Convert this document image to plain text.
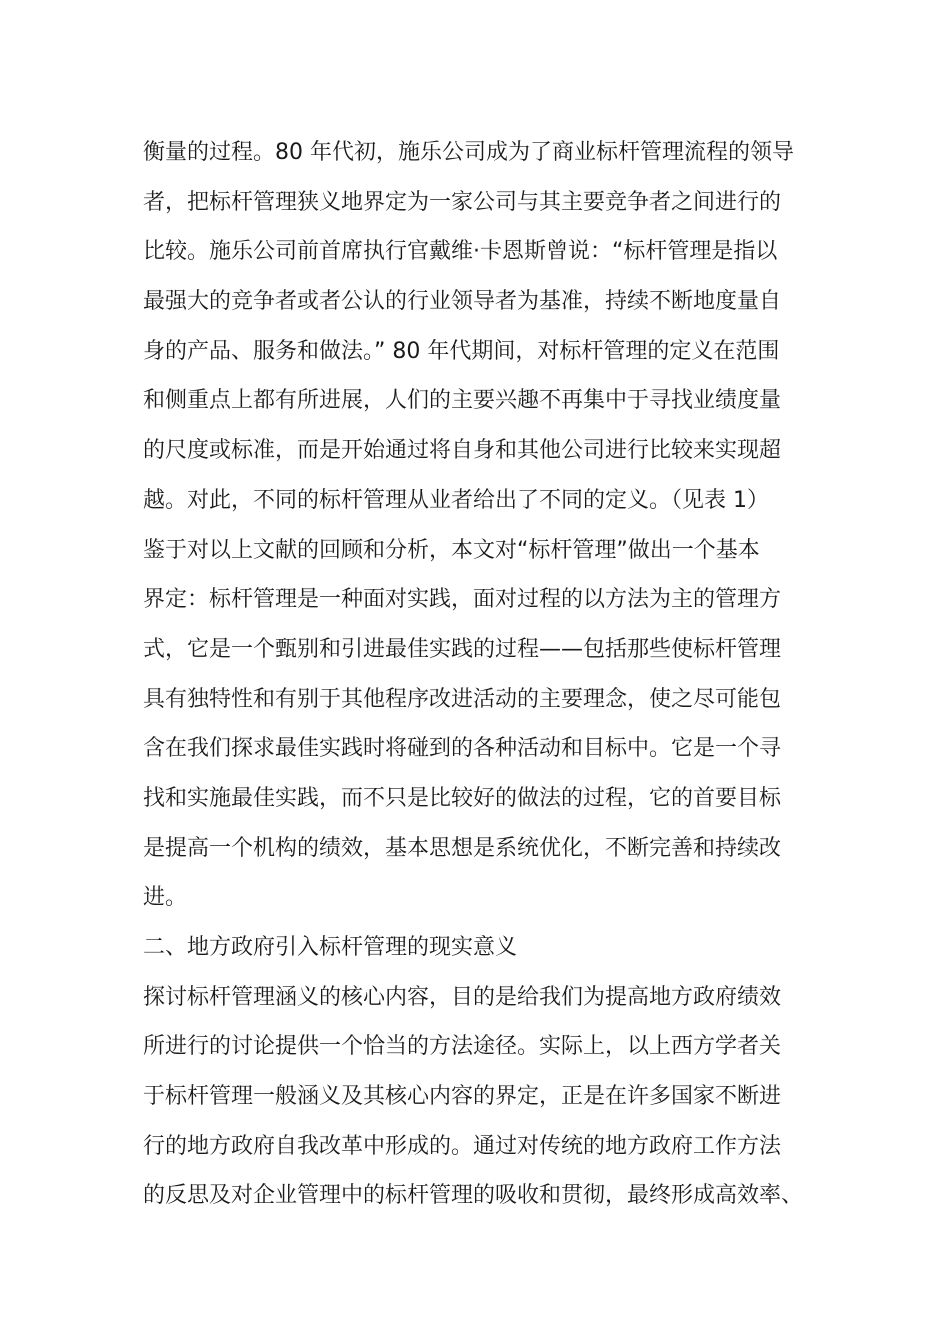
衡量的过程。80 年代初，施乐公司成为了商业标杆管理流程的领导
者，把标杆管理狭义地界定为一家公司与其主要竞争者之间进行的
比较。施乐公司前首席执行官戴维·卡恩斯曾说：“标杆管理是指以
最强大的竞争者或者公认的行业领导者为基准，持续不断地度量自
身的产品、服务和做法。” 80 年代期间，对标杆管理的定义在范围
和侧重点上都有所进展，人们的主要兴趣不再集中于寻找业绩度量
的尺度或标准，而是开始通过将自身和其他公司进行比较来实现超
越。对此，不同的标杆管理从业者给出了不同的定义。（见表 1）
鉴于对以上文献的回顾和分析，本文对“标杆管理”做出一个基本
界定：标杆管理是一种面对实践，面对过程的以方法为主的管理方
式，它是一个甄别和引进最佳实践的过程——包括那些使标杆管理
具有独特性和有别于其他程序改进活动的主要理念，使之尽可能包
含在我们探求最佳实践时将碰到的各种活动和目标中。它是一个寻
找和实施最佳实践，而不只是比较好的做法的过程，它的首要目标
是提高一个机构的绩效，基本思想是系统优化，不断完善和持续改
进。
二、地方政府引入标杆管理的现实意义
探讨标杆管理涵义的核心内容，目的是给我们为提高地方政府绩效
所进行的讨论提供一个恰当的方法途径。实际上，以上西方学者关
于标杆管理一般涵义及其核心内容的界定，正是在许多国家不断进
行的地方政府自我改革中形成的。通过对传统的地方政府工作方法
的反思及对企业管理中的标杆管理的吸收和贯彻，最终形成高效率、
